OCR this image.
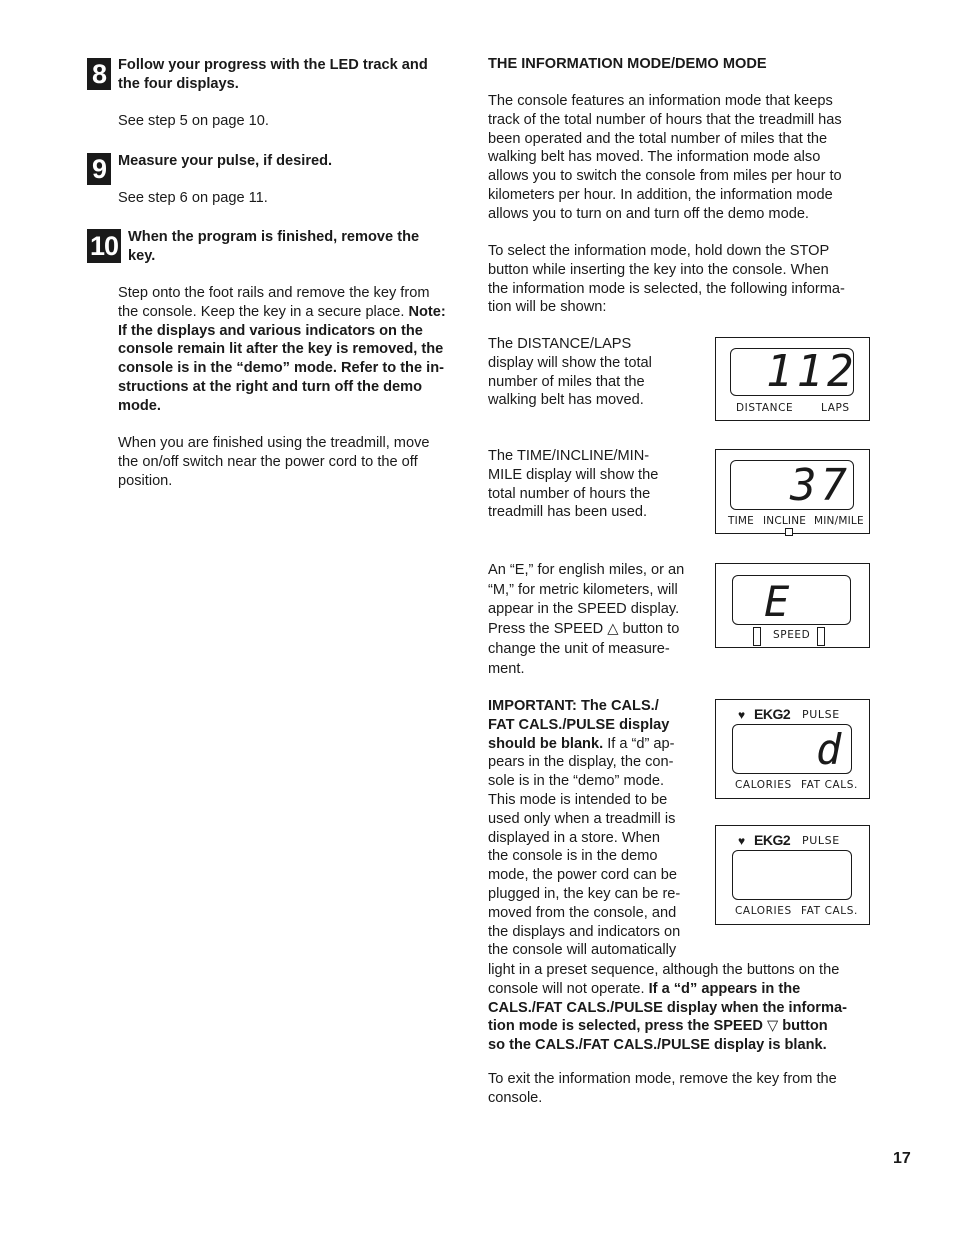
8 Follow your progress with the LED track and
the four displays.
See step 5 on page 10.
9 Measure your pulse, if desired.
See step 6 on page 11.
10 When the program is finished, remove the
key.
Step onto the foot rails and remove the key from
the console. Keep the key in a secure place. Note:
If the displays and various indicators on the
console remain lit after the key is removed, the
console is in the “demo” mode. Refer to the in-
structions at the right and turn off the demo
mode.
When you are finished using the treadmill, move
the on/off switch near the power cord to the off
position.
THE INFORMATION MODE/DEMO MODE
The console features an information mode that keeps
track of the total number of hours that the treadmill has
been operated and the total number of miles that the
walking belt has moved. The information mode also
allows you to switch the console from miles per hour to
kilometers per hour. In addition, the information mode
allows you to turn on and turn off the demo mode.
To select the information mode, hold down the STOP
button while inserting the key into the console. When
the information mode is selected, the following informa-
tion will be shown:
The DISTANCE/LAPS
display will show the total
number of miles that the
walking belt has moved.
The TIME/INCLINE/MIN-
MILE display will show the
total number of hours the
treadmill has been used.
An “E,” for english miles, or an
“M,” for metric kilometers, will
appear in the SPEED display.
Press the SPEED △ button to
change the unit of measure-
ment.
IMPORTANT: The CALS./
FAT CALS./PULSE display
should be blank. If a “d” ap-
pears in the display, the con-
sole is in the “demo” mode.
This mode is intended to be
used only when a treadmill is
displayed in a store. When
the console is in the demo
mode, the power cord can be
plugged in, the key can be re-
moved from the console, and
the displays and indicators on
the console will automatically
light in a preset sequence, although the buttons on the
console will not operate. If a “d” appears in the
CALS./FAT CALS./PULSE display when the informa-
tion mode is selected, press the SPEED ▽ button
so the CALS./FAT CALS./PULSE display is blank.
To exit the information mode, remove the key from the
console.
112
DISTANCE	LAPS
37
TIME INCLINE MIN/MILE
E
SPEED
♥ EKG2 PULSE
d
CALORIES FAT CALS.
♥ EKG2 PULSE
CALORIES FAT CALS.
17
